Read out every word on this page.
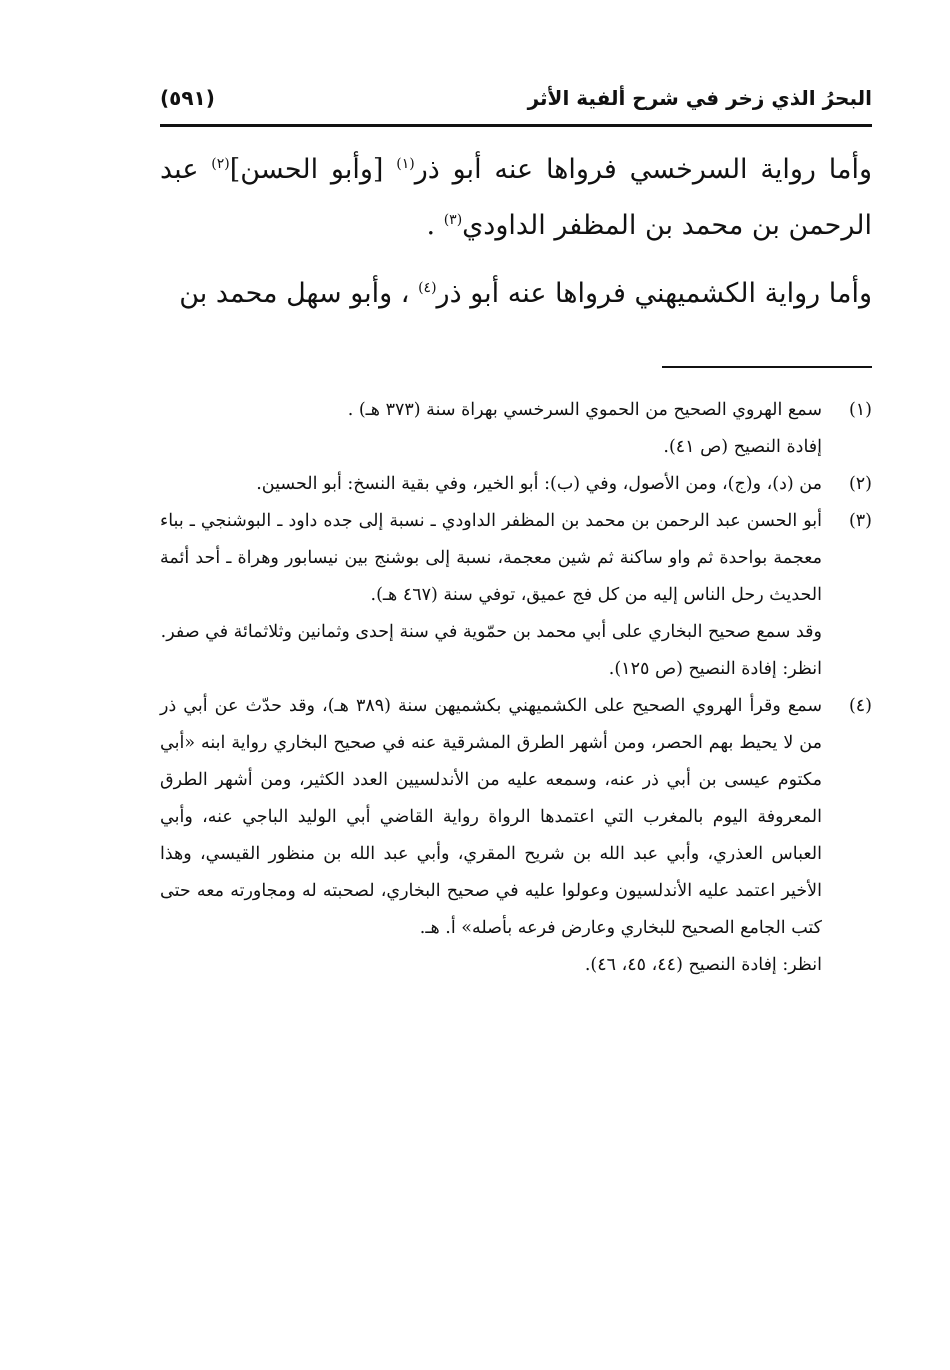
البحرُ الذي زخر في شرح ألفية الأثر
(٥٩١)

وأما رواية السرخسي فرواها عنه أبو ذر$^{(١)}$ [وأبو الحسن]$^{(٢)}$ عبد الرحمن بن محمد بن المظفر الداودي$^{(٣)}$ .

وأما رواية الكشميهني فرواها عنه أبو ذر$^{(٤)}$ ، وأبو سهل محمد بن

(١)

سمع الهروي الصحيح من الحموي السرخسي بهراة سنة (٣٧٣ هـ) .

إفادة النصيح (ص ٤١).

(٢)

من (د)، و(ج)، ومن الأصول، وفي (ب): أبو الخير، وفي بقية النسخ: أبو الحسين.

(٣)

أبو الحسن عبد الرحمن بن محمد بن المظفر الداودي ـ نسبة إلى جده داود ـ البوشنجي ـ بباء معجمة بواحدة ثم واو ساكنة ثم شين معجمة، نسبة إلى بوشنج بين نيسابور وهراة ـ أحد أئمة الحديث رحل الناس إليه من كل فج عميق، توفي سنة (٤٦٧ هـ).

وقد سمع صحيح البخاري على أبي محمد بن حمّوية في سنة إحدى وثمانين وثلاثمائة في صفر.

انظر: إفادة النصيح (ص ١٢٥).

(٤)

سمع وقرأ الهروي الصحيح على الكشميهني بكشميهن سنة (٣٨٩ هـ)، وقد حدّث عن أبي ذر من لا يحيط بهم الحصر، ومن أشهر الطرق المشرقية عنه في صحيح البخاري رواية ابنه «أبي مكتوم عيسى بن أبي ذر عنه، وسمعه عليه من الأندلسيين العدد الكثير، ومن أشهر الطرق المعروفة اليوم بالمغرب التي اعتمدها الرواة رواية القاضي أبي الوليد الباجي عنه، وأبي العباس العذري، وأبي عبد الله بن شريح المقري، وأبي عبد الله بن منظور القيسي، وهذا الأخير اعتمد عليه الأندلسيون وعولوا عليه في صحيح البخاري، لصحبته له ومجاورته معه حتى كتب الجامع الصحيح للبخاري وعارض فرعه بأصله» أ. هـ.

انظر: إفادة النصيح (٤٤، ٤٥، ٤٦).
